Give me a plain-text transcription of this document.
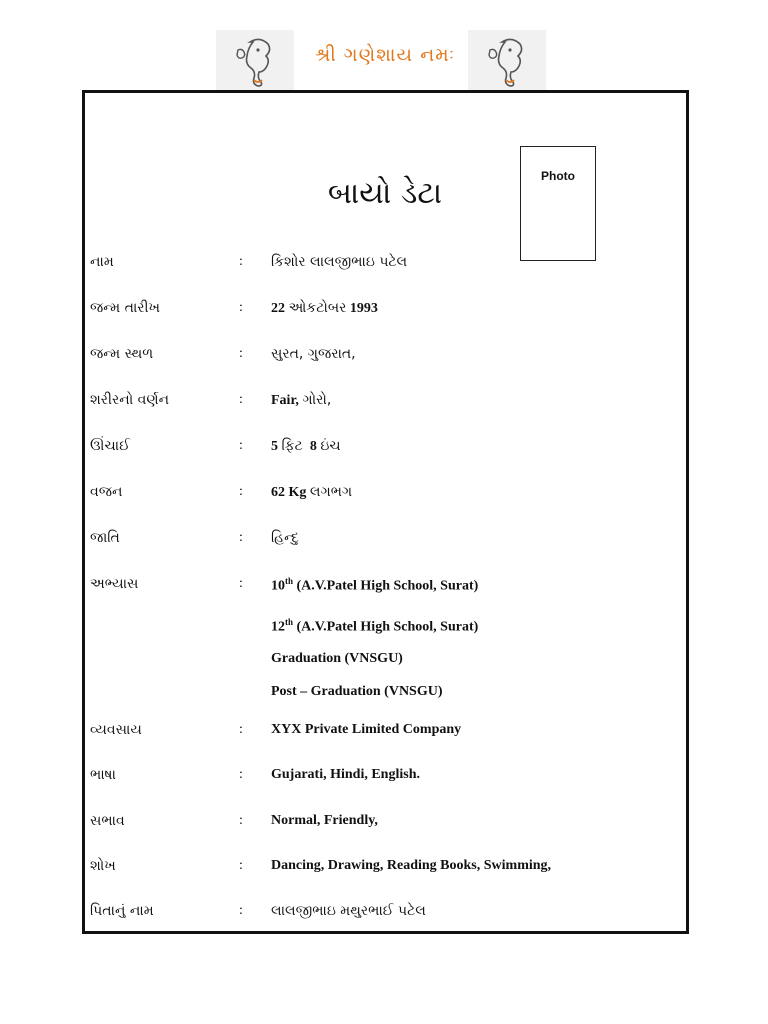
શ્રી ગણેશાય નમઃ
Photo
બાયો ડેટા
નામ	: કિશોર લાલજીભાઇ પટેલ
જન્મ તારીખ	: 22 ઓકટોબર 1993
જન્મ સ્થળ	: સુરત, ગુજરાત,
શરીરનો વર્ણન	: Fair, ગોરો,
ઊંચાઈ	: 5 ફિટ 8 ઇંચ
વજન	: 62 Kg લગભગ
જાતિ	: હિન્દુ
અભ્યાસ	: 10th (A.V.Patel High School, Surat)
12th (A.V.Patel High School, Surat)
Graduation (VNSGU)
Post – Graduation (VNSGU)
વ્યવસાય	: XYX Private Limited Company
ભાષા	: Gujarati, Hindi, English.
સભાવ	: Normal, Friendly,
શોખ	: Dancing, Drawing, Reading Books, Swimming,
પિતાનું નામ	: લાલજીભાઇ મથુરભાઈ પટેલ
